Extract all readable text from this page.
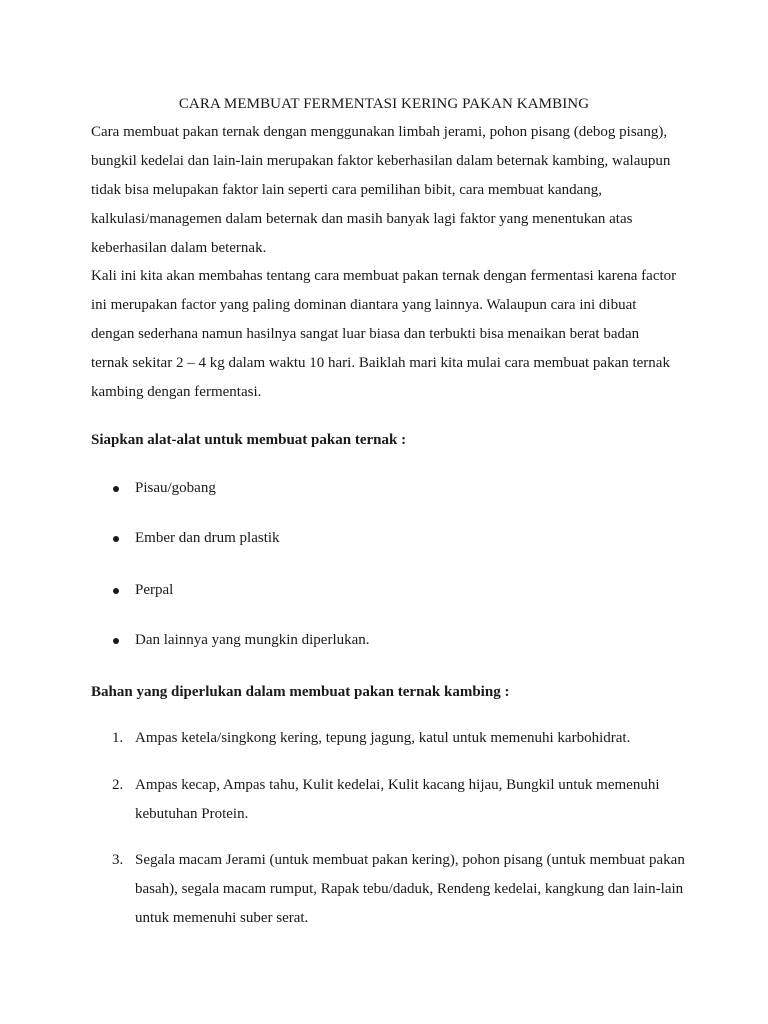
CARA MEMBUAT FERMENTASI KERING PAKAN KAMBING

Cara membuat pakan ternak dengan menggunakan limbah jerami, pohon pisang (debog pisang), bungkil kedelai dan lain-lain merupakan faktor keberhasilan dalam beternak kambing, walaupun tidak bisa melupakan faktor lain seperti cara pemilihan bibit, cara membuat kandang, kalkulasi/managemen dalam beternak dan masih banyak lagi faktor yang menentukan atas keberhasilan dalam beternak.

Kali ini kita akan membahas tentang cara membuat pakan ternak dengan fermentasi karena factor ini merupakan factor yang paling dominan diantara yang lainnya. Walaupun cara ini dibuat dengan sederhana namun hasilnya sangat luar biasa dan terbukti bisa menaikan berat badan ternak sekitar 2 – 4 kg dalam waktu 10 hari. Baiklah mari kita mulai cara membuat pakan ternak kambing dengan fermentasi.

Siapkan alat-alat untuk membuat pakan ternak :
Pisau/gobang
Ember dan drum plastik
Perpal
Dan lainnya yang mungkin diperlukan.
Bahan yang diperlukan dalam membuat pakan ternak kambing :
1. Ampas ketela/singkong kering, tepung jagung, katul untuk memenuhi karbohidrat.
2. Ampas kecap, Ampas tahu, Kulit kedelai, Kulit kacang hijau, Bungkil untuk memenuhi kebutuhan Protein.
3. Segala macam Jerami (untuk membuat pakan kering), pohon pisang (untuk membuat pakan basah), segala macam rumput, Rapak tebu/daduk, Rendeng kedelai, kangkung dan lain-lain untuk memenuhi suber serat.
